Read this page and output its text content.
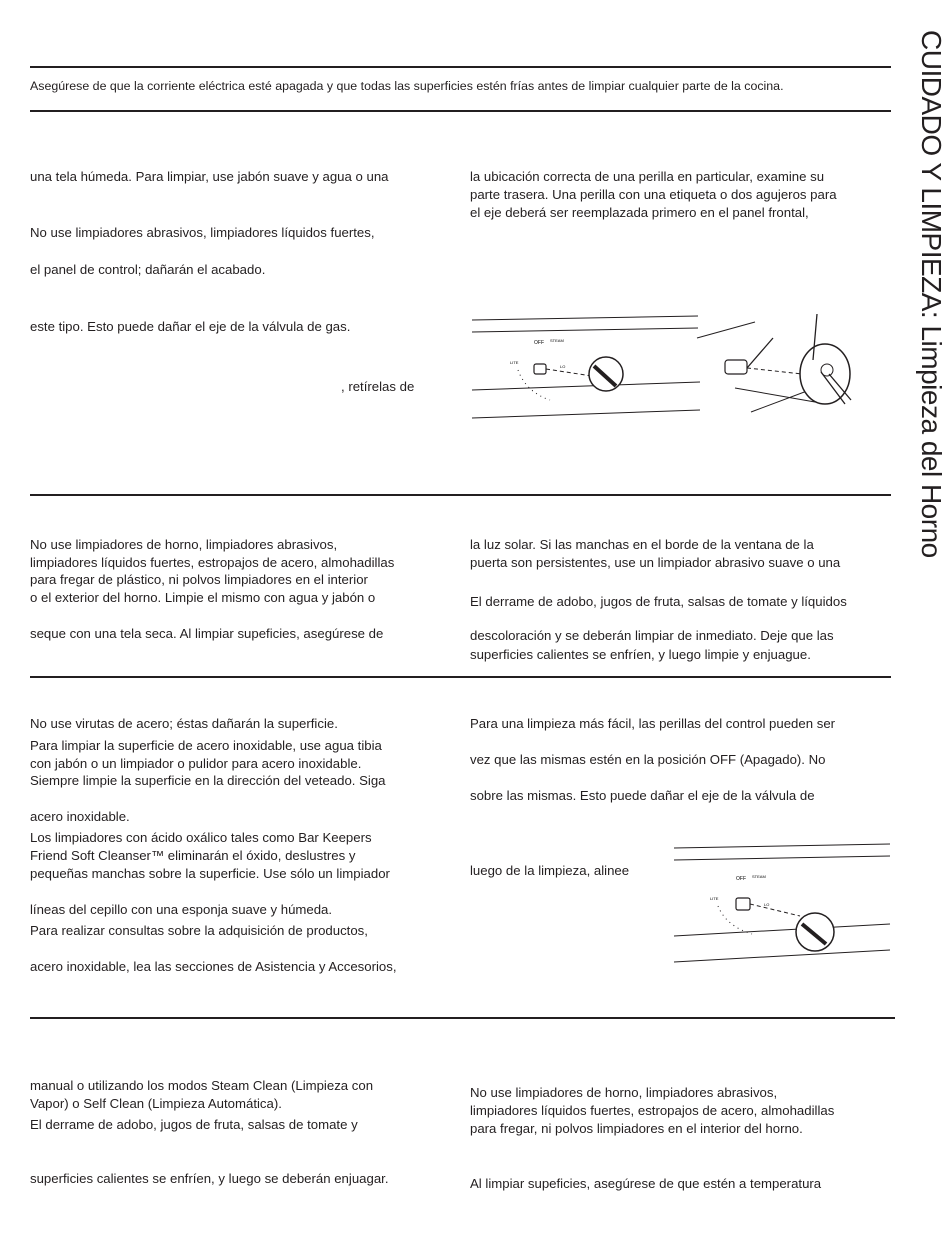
CUIDADO Y LIMPIEZA: Limpieza del Horno
Asegúrese de que la corriente eléctrica esté apagada y que todas las superficies estén frías antes de limpiar cualquier parte de la cocina.

una tela húmeda. Para limpiar, use jabón suave y agua o una

No use limpiadores abrasivos, limpiadores líquidos fuertes,

el panel de control; dañarán el acabado.

este tipo. Esto puede dañar el eje de la válvula de gas.

, retírelas de

la ubicación correcta de una perilla en particular, examine su

parte trasera. Una perilla con una etiqueta o dos agujeros para

el eje deberá ser reemplazada primero en el panel frontal,

OFF STEAM
LITE
LO

No use limpiadores de horno, limpiadores abrasivos,

limpiadores líquidos fuertes, estropajos de acero, almohadillas

para fregar de plástico, ni polvos limpiadores en el interior

o el exterior del horno. Limpie el mismo con agua y jabón o

seque con una tela seca. Al limpiar supeficies, asegúrese de

la luz solar. Si las manchas en el borde de la ventana de la

puerta son persistentes, use un limpiador abrasivo suave o una

El derrame de adobo, jugos de fruta, salsas de tomate y líquidos

descoloración y se deberán limpiar de inmediato. Deje que las

superficies calientes se enfríen, y luego limpie y enjuague.

No use virutas de acero; éstas dañarán la superficie.

Para limpiar la superficie de acero inoxidable, use agua tibia

con jabón o un limpiador o pulidor para acero inoxidable.

Siempre limpie la superficie en la dirección del veteado. Siga

acero inoxidable.

Los limpiadores con ácido oxálico tales como Bar Keepers

Friend Soft Cleanser™ eliminarán el óxido, deslustres y

pequeñas manchas sobre la superficie. Use sólo un limpiador

líneas del cepillo con una esponja suave y húmeda.

Para realizar consultas sobre la adquisición de productos,

acero inoxidable, lea las secciones de Asistencia y Accesorios,

Para una limpieza más fácil, las perillas del control pueden ser

vez que las mismas estén en la posición OFF (Apagado). No

sobre las mismas. Esto puede dañar el eje de la válvula de

luego de la limpieza, alinee

OFF STEAM
LITE
LO

manual o utilizando los modos Steam Clean (Limpieza con

Vapor) o Self Clean (Limpieza Automática).

El derrame de adobo, jugos de fruta, salsas de tomate y

superficies calientes se enfríen, y luego se deberán enjuagar.

No use limpiadores de horno, limpiadores abrasivos,

limpiadores líquidos fuertes, estropajos de acero, almohadillas

para fregar, ni polvos limpiadores en el interior del horno.

Al limpiar supeficies, asegúrese de que estén a temperatura
